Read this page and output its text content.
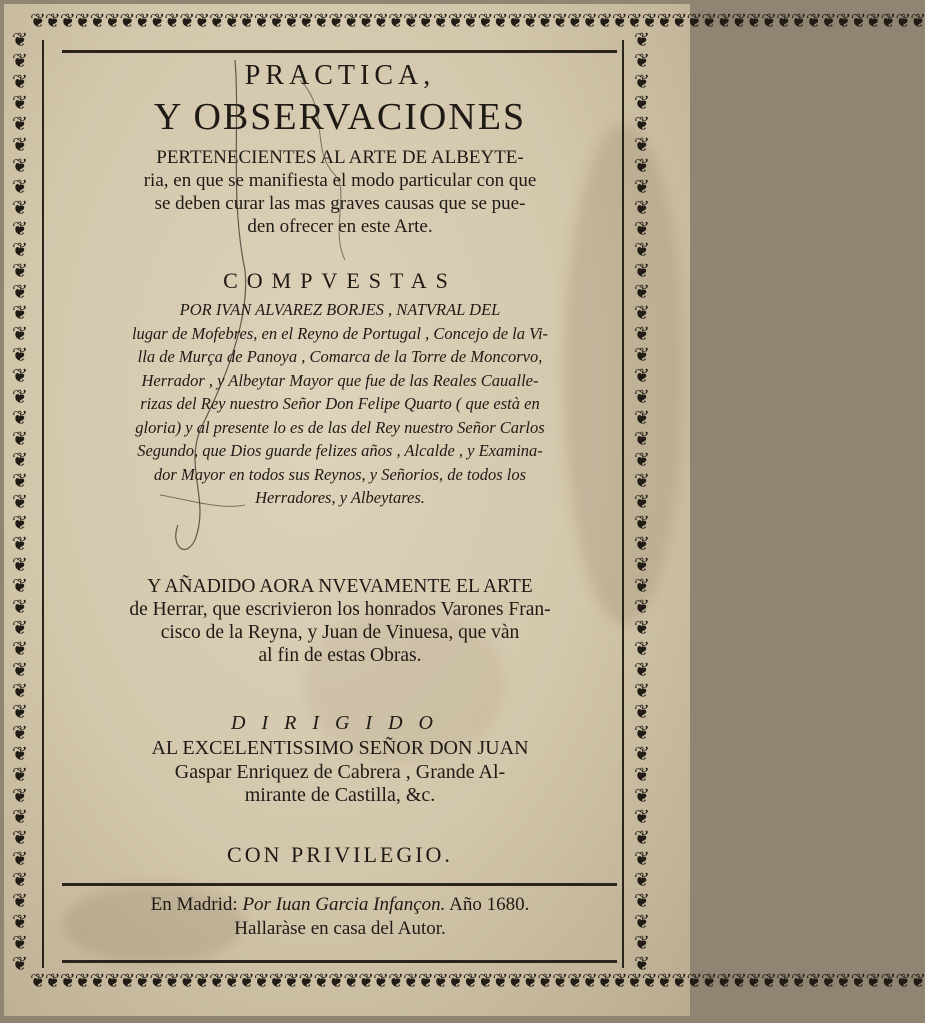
❦❦❦❦❦❦❦❦❦❦❦❦❦❦❦❦❦❦❦❦❦❦❦❦❦❦❦❦❦❦❦❦❦❦❦❦❦❦❦❦❦❦❦❦❦❦❦❦❦❦❦❦❦❦❦❦❦❦❦❦
❦❦❦❦❦❦❦❦❦❦❦❦❦❦❦❦❦❦❦❦❦❦❦❦❦❦❦❦❦❦❦❦❦❦❦❦❦❦❦❦❦❦❦❦❦❦❦❦❦❦❦❦❦❦❦❦❦❦❦❦
❦❦❦❦❦❦❦❦❦❦❦❦❦❦❦❦❦❦❦❦❦❦❦❦❦❦❦❦❦❦❦❦❦❦❦❦❦❦❦❦❦❦❦❦❦
❦❦❦❦❦❦❦❦❦❦❦❦❦❦❦❦❦❦❦❦❦❦❦❦❦❦❦❦❦❦❦❦❦❦❦❦❦❦❦❦❦❦❦❦❦
PRACTICA,
Y OBSERVACIONES
PERTENECIENTES AL ARTE DE ALBEYTE-
ria, en que se manifiesta el modo particular con que
se deben curar las mas graves causas que se pue-
den ofrecer en este Arte.
COMPVESTAS
POR IVAN ALVAREZ BORJES , NATVRAL DEL
lugar de Mofebres, en el Reyno de Portugal , Concejo de la Vi-
lla de Murça de Panoya , Comarca de la Torre de Moncorvo,
Herrador , y Albeytar Mayor que fue de las Reales Caualle-
rizas del Rey nuestro Señor Don Felipe Quarto ( que està en
gloria) y al presente lo es de las del Rey nuestro Señor Carlos
Segundo, que Dios guarde felizes años , Alcalde , y Examina-
dor Mayor en todos sus Reynos, y Señorios, de todos los
Herradores, y Albeytares.
Y AÑADIDO AORA NVEVAMENTE EL ARTE
de Herrar, que escrivieron los honrados Varones Fran-
cisco de la Reyna, y Juan de Vinuesa, que vàn
al fin de estas Obras.
DIRIGIDO
AL EXCELENTISSIMO SEÑOR DON JUAN
Gaspar Enriquez de Cabrera , Grande Al-
mirante de Castilla, &c.
CON PRIVILEGIO.
En Madrid: Por Iuan Garcia Infançon. Año 1680.
Hallaràse en casa del Autor.
